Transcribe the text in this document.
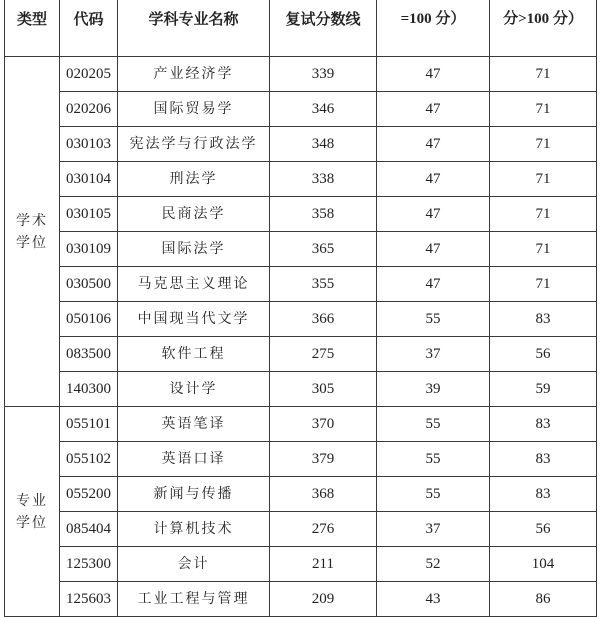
类型	代码	学科专业名称	复试分数线	=100 分）	分>100 分）

学术
学位	020205	产业经济学	339	47	71
	020206	国际贸易学	346	47	71
	030103	宪法学与行政法学	348	47	71
	030104	刑法学	338	47	71
	030105	民商法学	358	47	71
	030109	国际法学	365	47	71
	030500	马克思主义理论	355	47	71
	050106	中国现当代文学	366	55	83
	083500	软件工程	275	37	56
	140300	设计学	305	39	59

专业
学位	055101	英语笔译	370	55	83
	055102	英语口译	379	55	83
	055200	新闻与传播	368	55	83
	085404	计算机技术	276	37	56
	125300	会计	211	52	104
	125603	工业工程与管理	209	43	86
